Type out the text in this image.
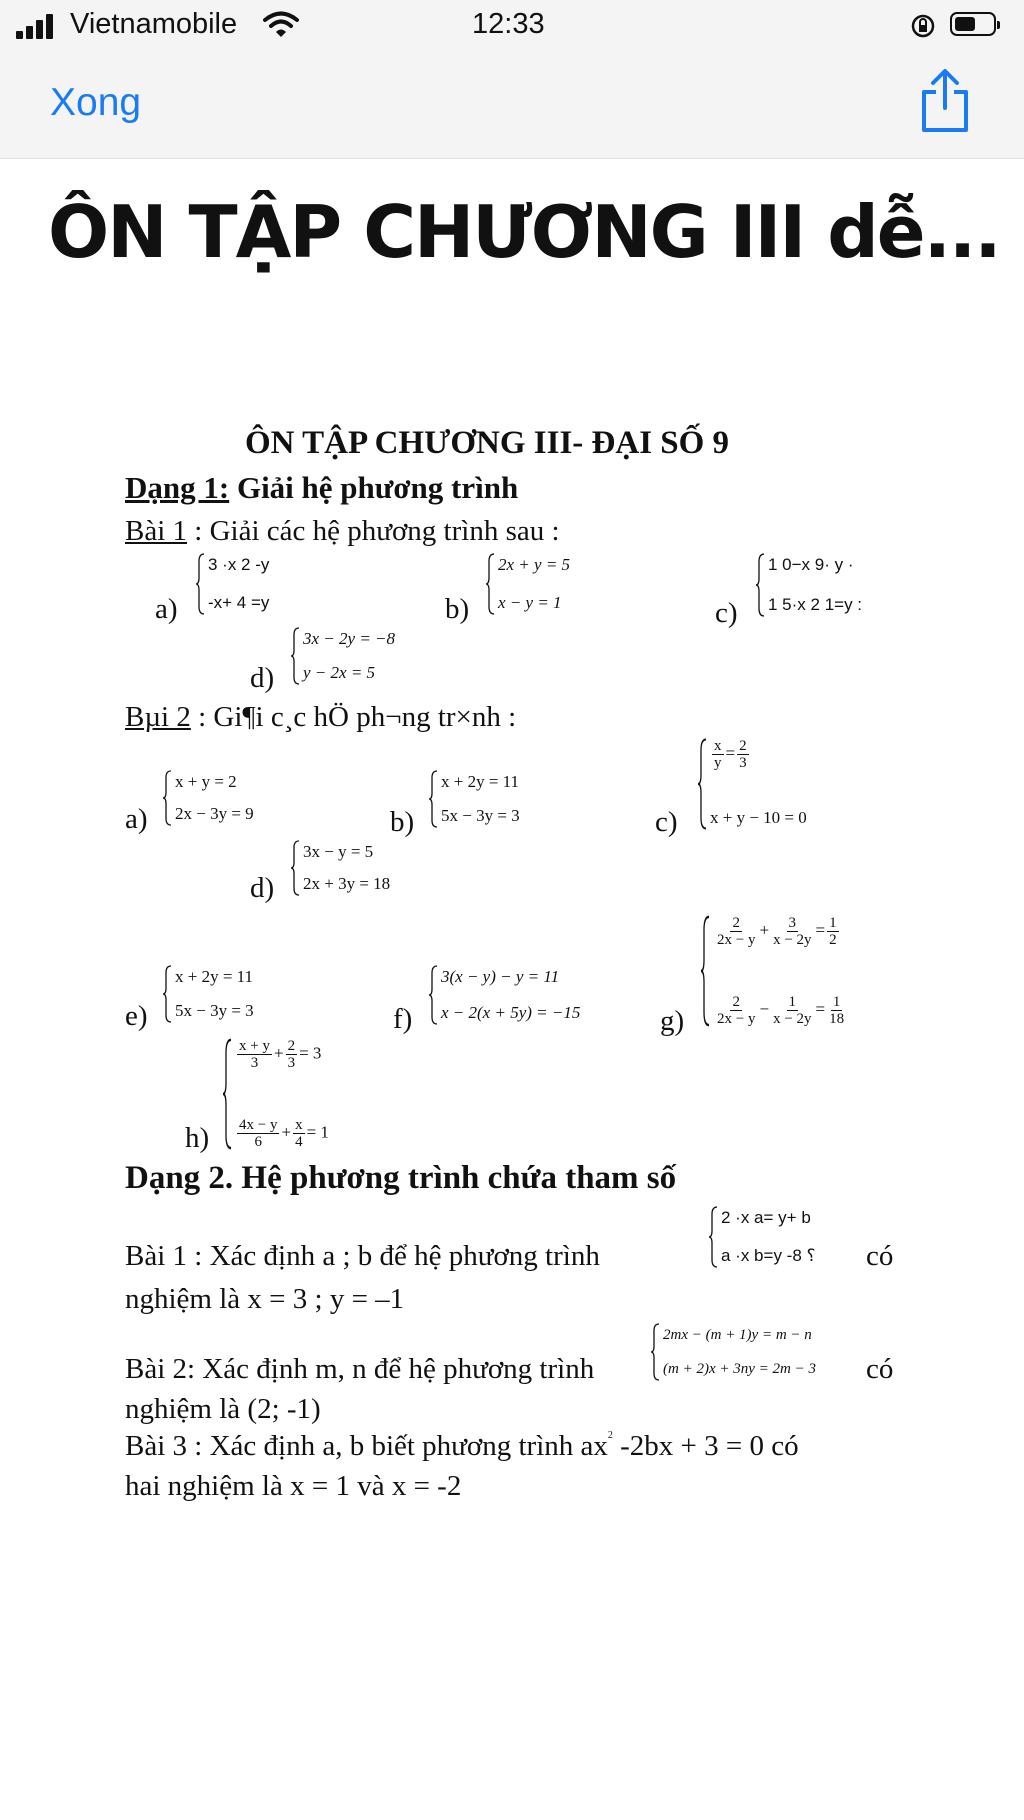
Vietnamobile	12:33
Xong
ÔN TẬP CHƯƠNG III dễ...
ÔN TẬP CHƯƠNG III- ĐẠI SỐ 9
Dạng 1: Giải hệ phương trình
Bài 1 : Giải các hệ phương trình sau :
a)
3 ·x 2 -y
-x+ 4 =y	b)
2x + y = 5
x − y = 1	c)
1 0−x 9· y ·
1 5·x 2 1=y :
d)
3x − 2y = −8
y − 2x = 5
Bµi 2 : Gi¶i c¸c hÖ ph¬ng tr×nh :
a)
x + y = 2
2x − 3y = 9	b)
x + 2y = 11
5x − 3y = 3	c)
$\frac{x}{y} = \frac{2}{3}$
x + y − 10 = 0
d)
3x − y = 5
2x + 3y = 18
e)
x + 2y = 11
5x − 3y = 3	f)
3(x − y) − y = 11
x − 2(x + 5y) = −15	g)
$\frac{2}{2x - y} + \frac{3}{x - 2y} = \frac{1}{2}$
$\frac{2}{2x - y} - \frac{1}{x - 2y} = \frac{1}{18}$
h)
$\frac{x + y}{3} + \frac{2}{3} = 3$
$\frac{4x - y}{6} + \frac{x}{4} = 1$
Dạng 2. Hệ phương trình chứa tham số
Bài 1 : Xác định a ; b để hệ phương trình
2 ·x a= y+ b
a ·x b=y -8 ؟ có
nghiệm là x = 3 ; y = –1
Bài 2: Xác định m, n để hệ phương trình
2mx − (m + 1)y = m − n
(m + 2)x + 3ny = 2m − 3 có
nghiệm là (2; -1)
Bài 3 : Xác định a, b biết phương trình $ax^2$ -2bx + 3 = 0 có
hai nghiệm là x = 1 và x = -2
